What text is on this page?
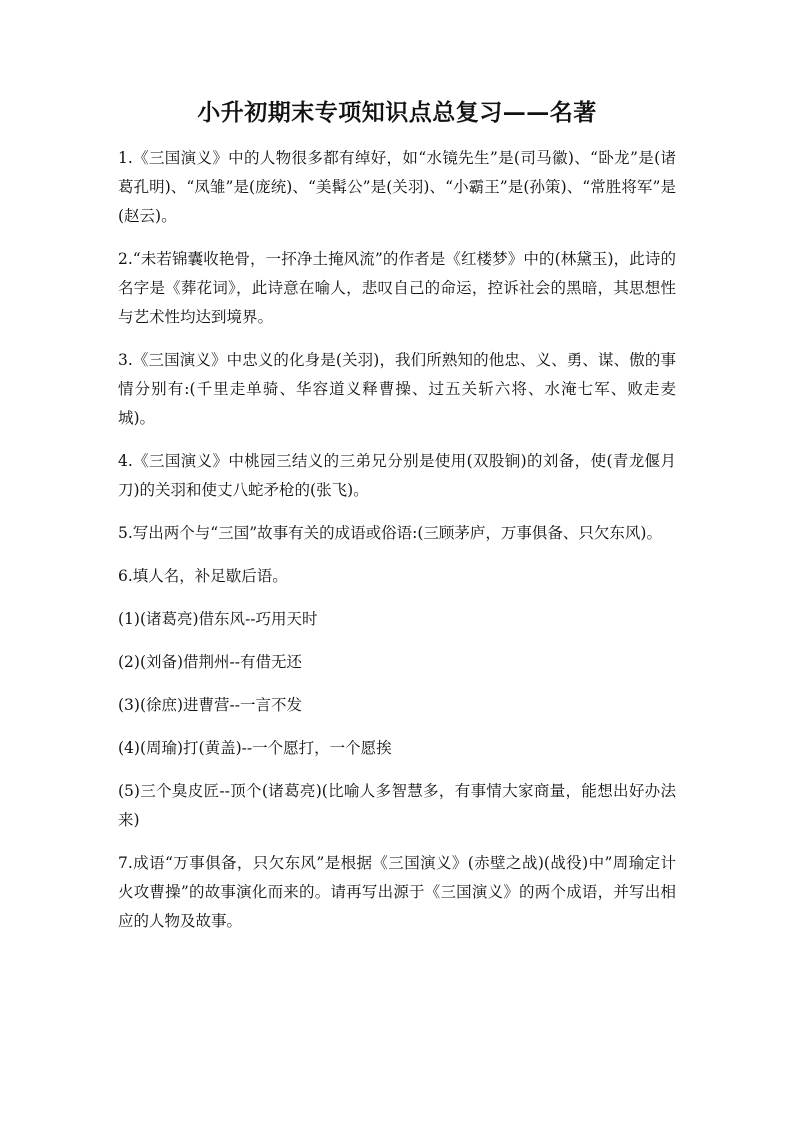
小升初期末专项知识点总复习——名著

1.《三国演义》中的人物很多都有绰好，如“水镜先生”是(司马徽)、“卧龙”是(诸葛孔明)、“凤雏”是(庞统)、“美髯公”是(关羽)、“小霸王”是(孙策)、“常胜将军”是(赵云)。

2.“未若锦囊收艳骨，一抔净土掩风流”的作者是《红楼梦》中的(林黛玉)，此诗的名字是《葬花词》，此诗意在喻人，悲叹自己的命运，控诉社会的黑暗，其思想性与艺术性均达到境界。

3.《三国演义》中忠义的化身是(关羽)，我们所熟知的他忠、义、勇、谋、傲的事情分别有:(千里走单骑、华容道义释曹操、过五关斩六将、水淹七军、败走麦城)。

4.《三国演义》中桃园三结义的三弟兄分别是使用(双股锏)的刘备，使(青龙偃月刀)的关羽和使丈八蛇矛枪的(张飞)。

5.写出两个与“三国”故事有关的成语或俗语:(三顾茅庐，万事俱备、只欠东风)。

6.填人名，补足歇后语。

(1)(诸葛亮)借东风--巧用天时

(2)(刘备)借荆州--有借无还

(3)(徐庶)进曹营--一言不发

(4)(周瑜)打(黄盖)--一个愿打，一个愿挨

(5)三个臭皮匠--顶个(诸葛亮)(比喻人多智慧多，有事情大家商量，能想出好办法来)

7.成语“万事俱备，只欠东风”是根据《三国演义》(赤壁之战)(战役)中”周瑜定计火攻曹操”的故事演化而来的。请再写出源于《三国演义》的两个成语，并写出相应的人物及故事。
